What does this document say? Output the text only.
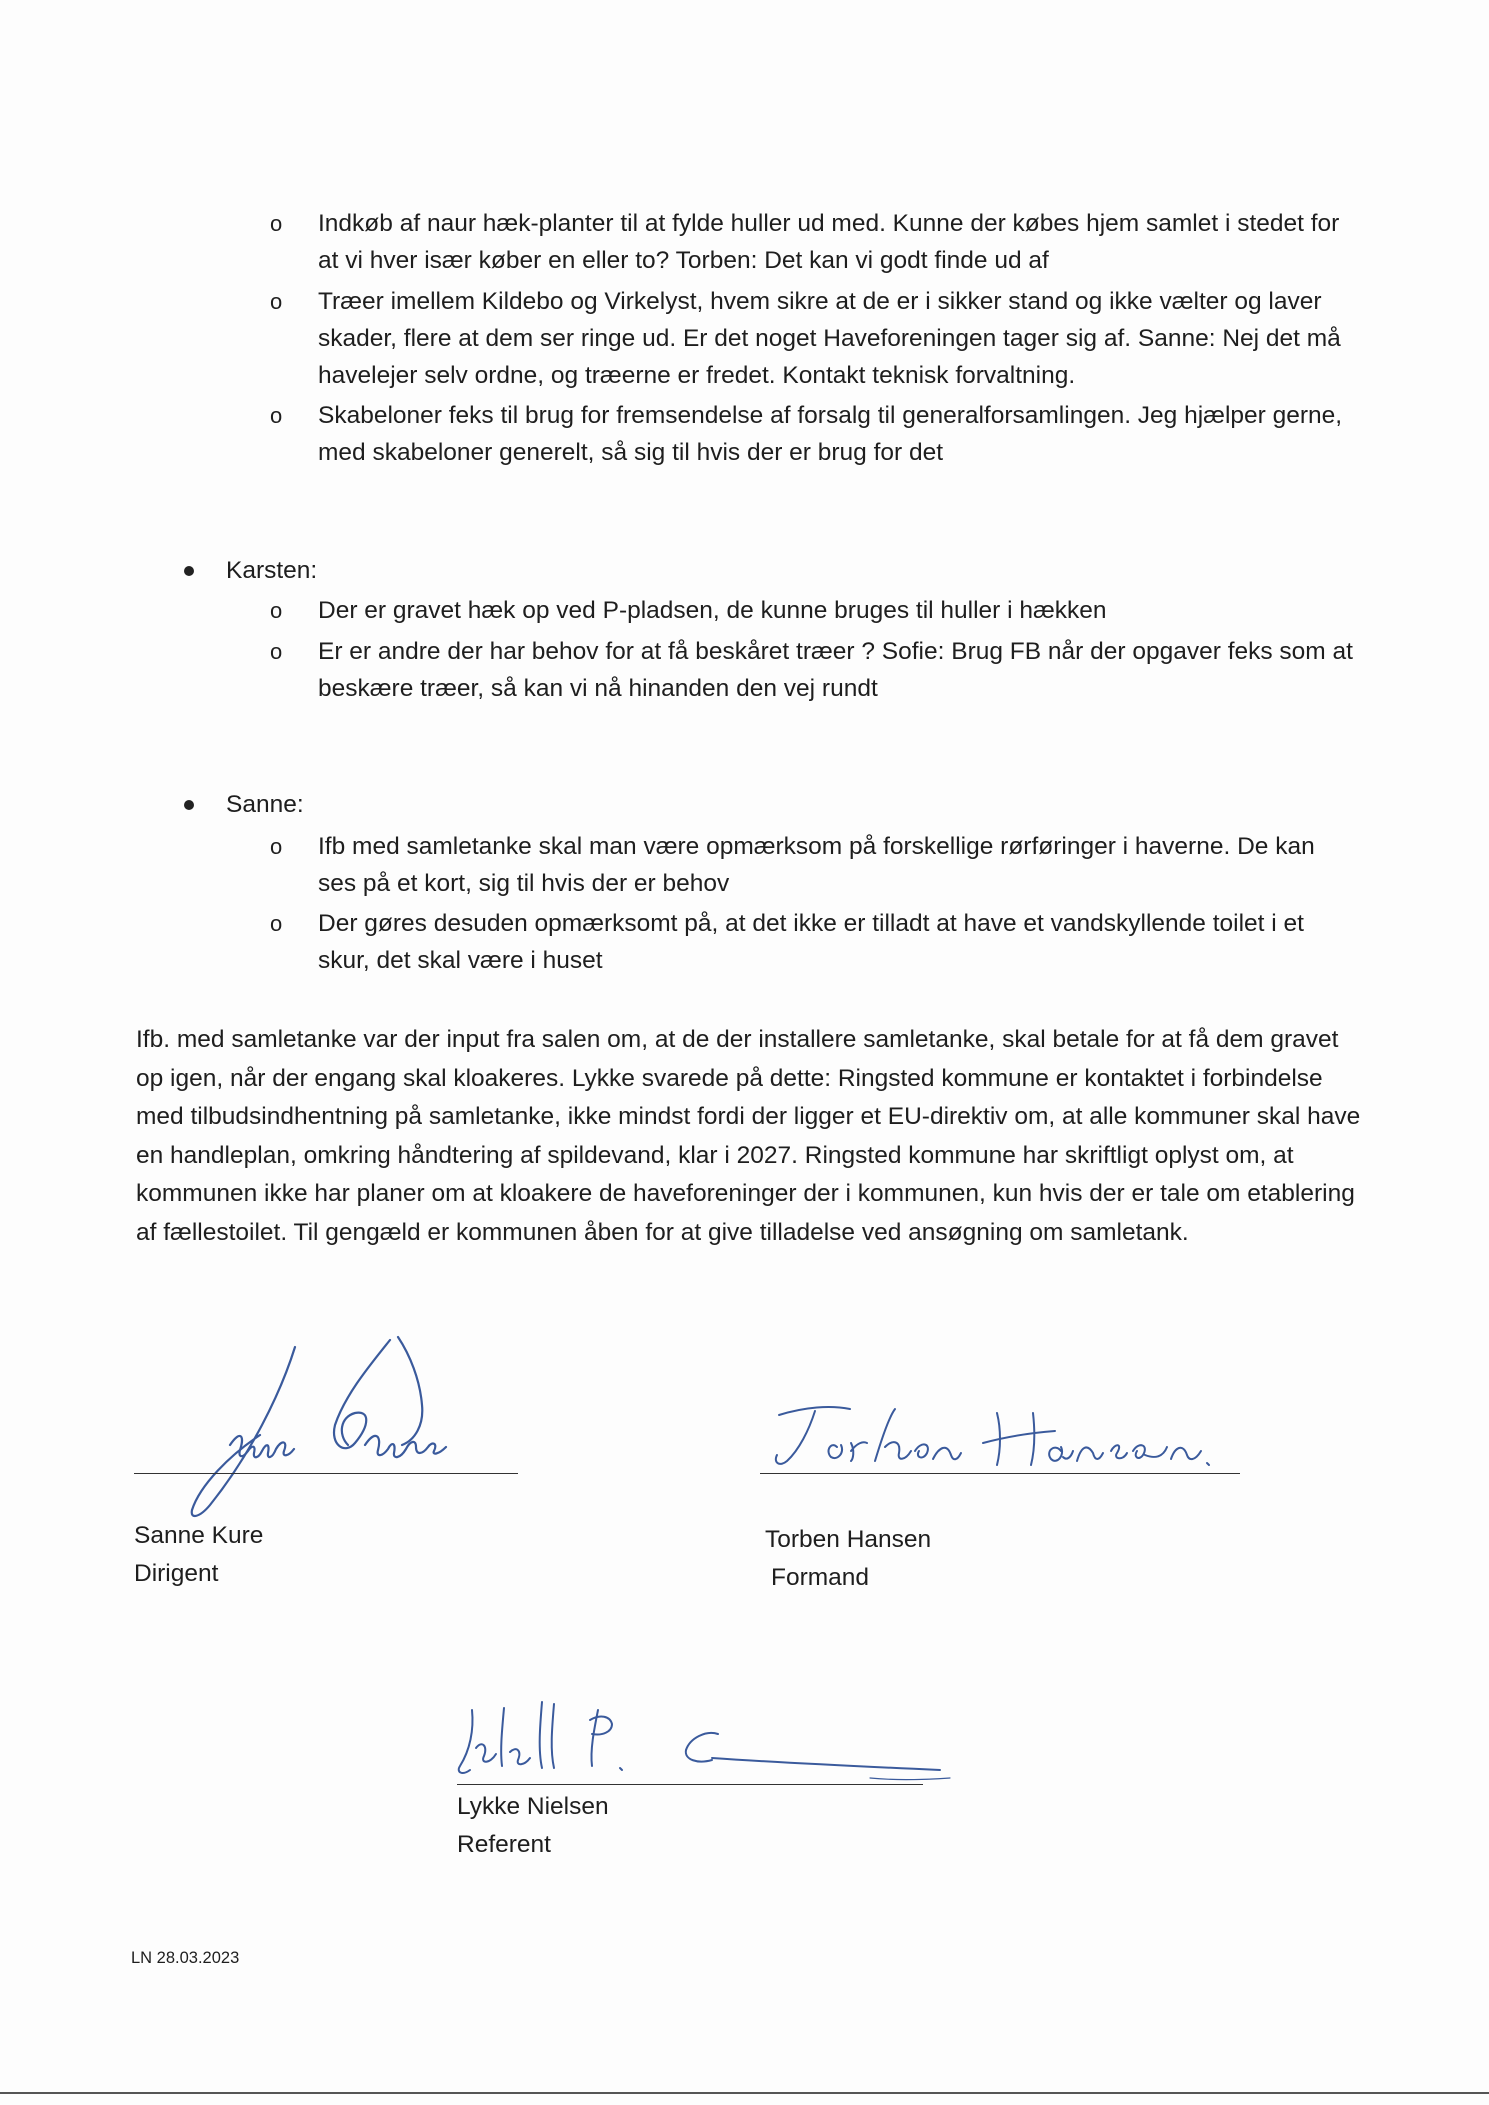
o Indkøb af naur hæk-planter til at fylde huller ud med. Kunne der købes hjem samlet i stedet for at vi hver især køber en eller to? Torben: Det kan vi godt finde ud af
o Træer imellem Kildebo og Virkelyst, hvem sikre at de er i sikker stand og ikke vælter og laver skader, flere at dem ser ringe ud. Er det noget Haveforeningen tager sig af. Sanne: Nej det må havelejer selv ordne, og træerne er fredet. Kontakt teknisk forvaltning.
o Skabeloner feks til brug for fremsendelse af forsalg til generalforsamlingen. Jeg hjælper gerne, med skabeloner generelt, så sig til hvis der er brug for det
Karsten:
o Der er gravet hæk op ved P-pladsen, de kunne bruges til huller i hækken
o Er er andre der har behov for at få beskåret træer ? Sofie: Brug FB når der opgaver feks som at beskære træer, så kan vi nå hinanden den vej rundt
Sanne:
o Ifb med samletanke skal man være opmærksom på forskellige rørføringer i haverne. De kan ses på et kort, sig til hvis der er behov
o Der gøres desuden opmærksomt på, at det ikke er tilladt at have et vandskyllende toilet i et skur, det skal være i huset
Ifb. med samletanke var der input fra salen om, at de der installere samletanke, skal betale for at få dem gravet op igen, når der engang skal kloakeres. Lykke svarede på dette: Ringsted kommune er kontaktet i forbindelse med tilbudsindhentning på samletanke, ikke mindst fordi der ligger et EU-direktiv om, at alle kommuner skal have en handleplan, omkring håndtering af spildevand, klar i 2027. Ringsted kommune har skriftligt oplyst om, at kommunen ikke har planer om at kloakere de haveforeninger der i kommunen, kun hvis der er tale om etablering af fællestoilet. Til gengæld er kommunen åben for at give tilladelse ved ansøgning om samletank.
Sanne Kure
Dirigent
Torben Hansen
Formand
Lykke Nielsen
Referent
LN 28.03.2023
